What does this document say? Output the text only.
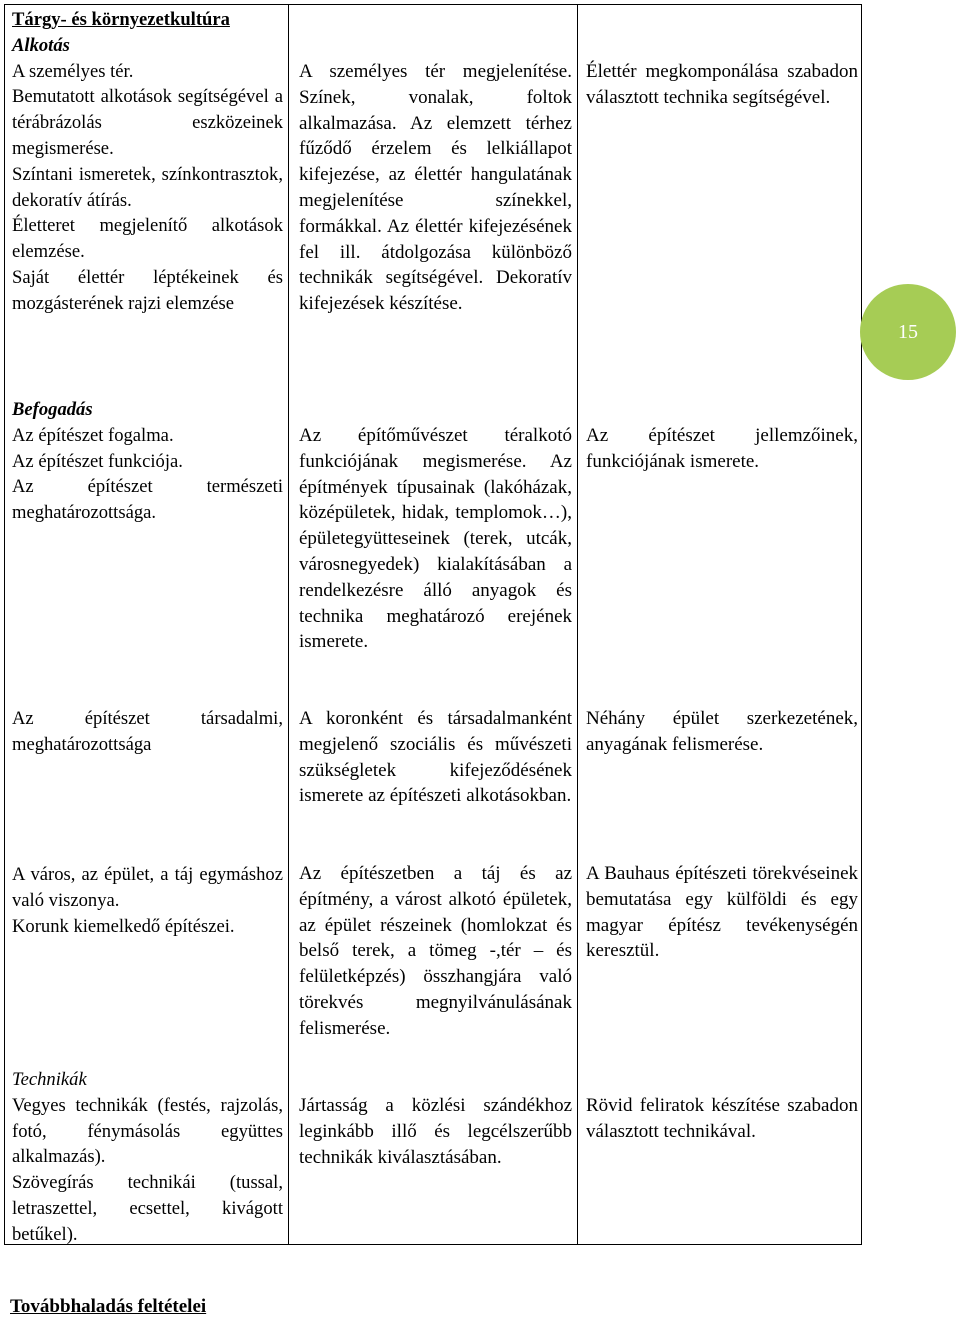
Tárgy- és környezetkultúra

Alkotás

A személyes tér.

Bemutatott alkotások segítségével a térábrázolás eszközeinek megismerése.

Színtani ismeretek, színkontrasztok, dekoratív átírás.

Életteret megjelenítő alkotások elemzése.

Saját élettér léptékeinek és mozgásterének rajzi elemzése

Befogadás

Az építészet fogalma.

Az építészet funkciója.

Az építészet természeti meghatározottsága.

Az építészet társadalmi, meghatározottsága

A város, az épület, a táj egymáshoz való viszonya.

Korunk kiemelkedő építészei.

Technikák

Vegyes technikák (festés, rajzolás, fotó, fénymásolás együttes alkalmazás).

Szövegírás technikái (tussal, letraszettel, ecsettel, kivágott betűkel).

A személyes tér megjelenítése. Színek, vonalak, foltok alkalmazása. Az elemzett térhez fűződő érzelem és lelkiállapot kifejezése, az élettér hangulatának megjelenítése színekkel, formákkal. Az élettér kifejezésének fel ill. átdolgozása különböző technikák segítségével. Dekoratív kifejezések készítése.
Az építőművészet téralkotó funkciójának megismerése. Az építmények típusainak (lakóházak, középületek, hidak, templomok…), épületegyütteseinek (terek, utcák, városnegyedek) kialakításában a rendelkezésre álló anyagok és technika meghatározó erejének ismerete.
A koronként és társadalmanként megjelenő szociális és művészeti szükségletek kifejeződésének ismerete az építészeti alkotásokban.
Az építészetben a táj és az építmény, a várost alkotó épületek, az épület részeinek (homlokzat és belső terek, a tömeg -,tér – és felületképzés) összhangjára való törekvés megnyilvánulásának felismerése.
Jártasság a közlési szándékhoz leginkább illő és legcélszerűbb technikák kiválasztásában.
Élettér megkomponálása szabadon választott technika segítségével.
Az építészet jellemzőinek, funkciójának ismerete.
Néhány épület szerkezetének, anyagának felismerése.
A Bauhaus építészeti törekvéseinek bemutatása egy külföldi és egy magyar építész tevékenységén keresztül.
Rövid feliratok készítése szabadon választott technikával.
15
Továbbhaladás feltételei
